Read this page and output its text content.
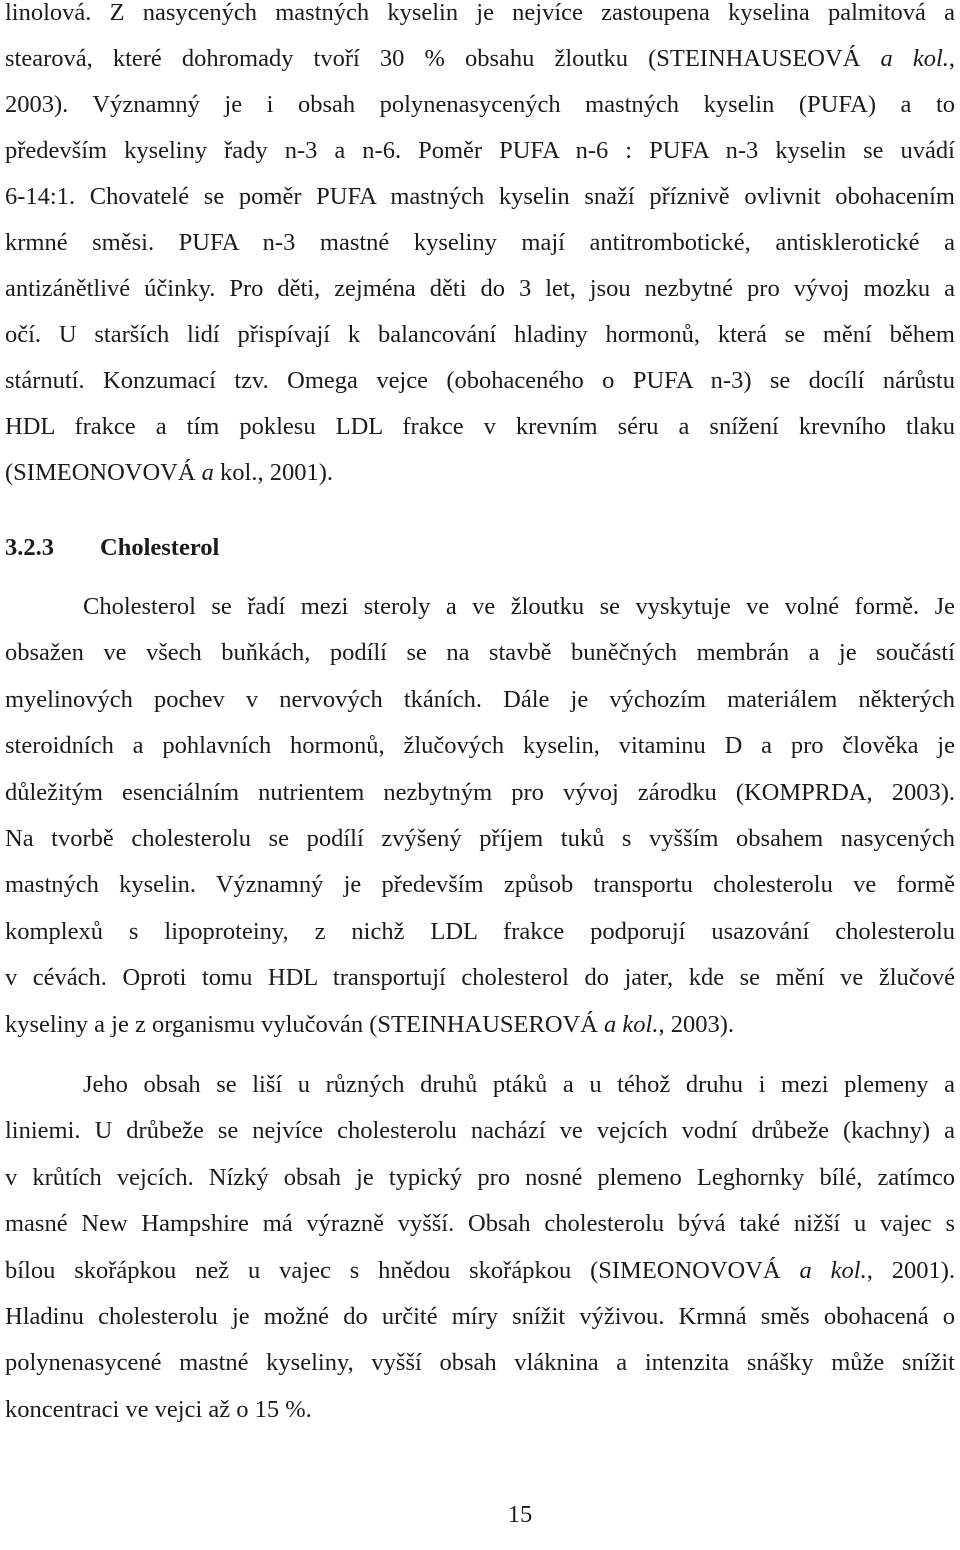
linolová. Z nasycených mastných kyselin je nejvíce zastoupena kyselina palmitová a
stearová, které dohromady tvoří 30 % obsahu žloutku (STEINHAUSEOVÁ a kol.,
2003). Významný je i obsah polynenasycených mastných kyselin (PUFA) a to
především kyseliny řady n-3 a n-6. Poměr PUFA n-6 : PUFA n-3 kyselin se uvádí
6-14:1. Chovatelé se poměr PUFA mastných kyselin snaží příznivě ovlivnit obohacením
krmné směsi. PUFA n-3 mastné kyseliny mají antitrombotické, antisklerotické a
antizánětlivé účinky. Pro děti, zejména děti do 3 let, jsou nezbytné pro vývoj mozku a
očí. U starších lidí přispívají k balancování hladiny hormonů, která se mění během
stárnutí. Konzumací tzv. Omega vejce (obohaceného o PUFA n-3) se docílí nárůstu
HDL frakce a tím poklesu LDL frakce v krevním séru a snížení krevního tlaku
(SIMEONOVOVÁ a kol., 2001).
3.2.3 Cholesterol
Cholesterol se řadí mezi steroly a ve žloutku se vyskytuje ve volné formě. Je
obsažen ve všech buňkách, podílí se na stavbě buněčných membrán a je součástí
myelinových pochev v nervových tkáních. Dále je výchozím materiálem některých
steroidních a pohlavních hormonů, žlučových kyselin, vitaminu D a pro člověka je
důležitým esenciálním nutrientem nezbytným pro vývoj zárodku (KOMPRDA, 2003).
Na tvorbě cholesterolu se podílí zvýšený příjem tuků s vyšším obsahem nasycených
mastných kyselin. Významný je především způsob transportu cholesterolu ve formě
komplexů s lipoproteiny, z nichž LDL frakce podporují usazování cholesterolu
v cévách. Oproti tomu HDL transportují cholesterol do jater, kde se mění ve žlučové
kyseliny a je z organismu vylučován (STEINHAUSEROVÁ a kol., 2003).
Jeho obsah se liší u různých druhů ptáků a u téhož druhu i mezi plemeny a
liniemi. U drůbeže se nejvíce cholesterolu nachází ve vejcích vodní drůbeže (kachny) a
v krůtích vejcích. Nízký obsah je typický pro nosné plemeno Leghornky bílé, zatímco
masné New Hampshire má výrazně vyšší. Obsah cholesterolu bývá také nižší u vajec s
bílou skořápkou než u vajec s hnědou skořápkou (SIMEONOVOVÁ a kol., 2001).
Hladinu cholesterolu je možné do určité míry snížit výživou. Krmná směs obohacená o
polynenasycené mastné kyseliny, vyšší obsah vláknina a intenzita snášky může snížit
koncentraci ve vejci až o 15 %.
15
